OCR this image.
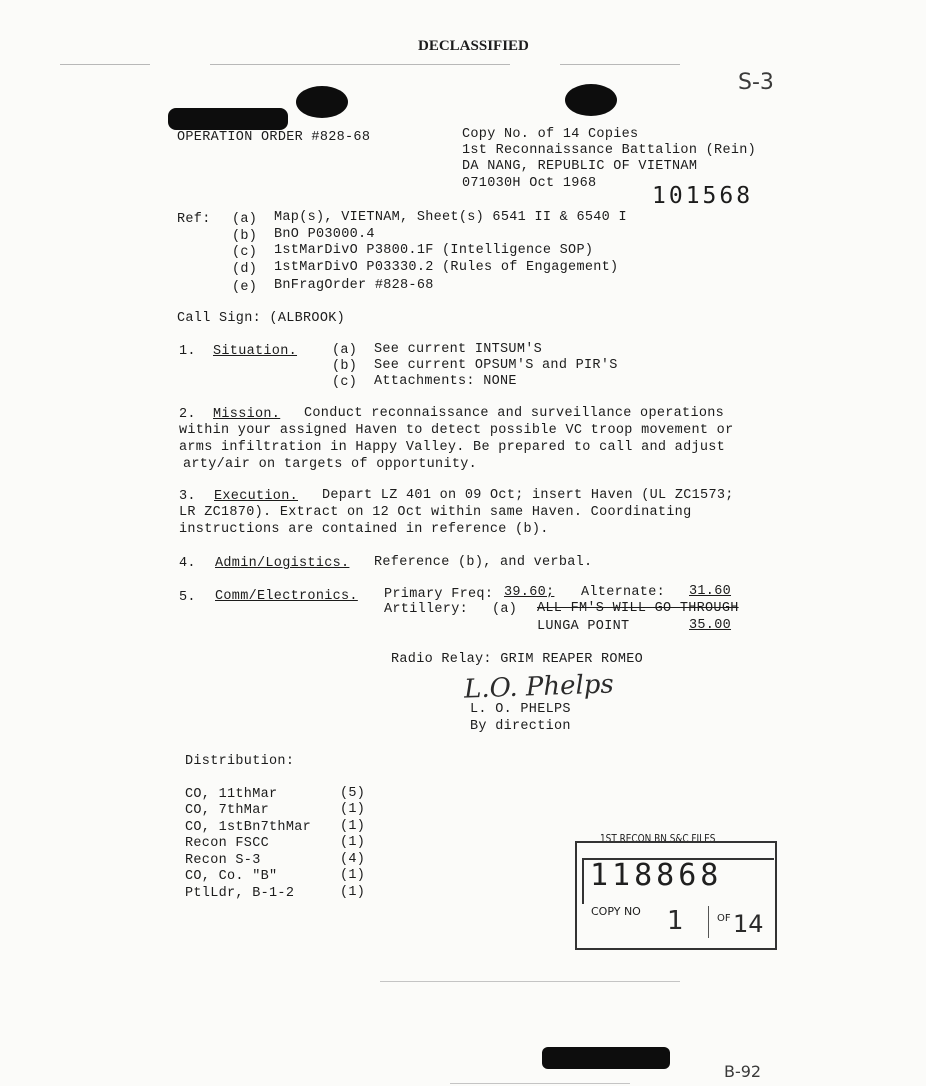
DECLASSIFIED
S-3
OPERATION ORDER #828-68	Copy No. of 14 Copies
1st Reconnaissance Battalion (Rein)
DA NANG, REPUBLIC OF VIETNAM
071030H Oct 1968 101568
Ref: (a) Map(s), VIETNAM, Sheet(s) 6541 II & 6540 I
(b) BnO P03000.4
(c) 1stMarDivO P3800.1F (Intelligence SOP)
(d) 1stMarDivO P03330.2 (Rules of Engagement)
(e) BnFragOrder #828-68
Call Sign: (ALBROOK)
1. Situation.	(a) See current INTSUM'S
(b) See current OPSUM'S and PIR'S
(c) Attachments: NONE
2. Mission. Conduct reconnaissance and surveillance operations
within your assigned Haven to detect possible VC troop movement or
arms infiltration in Happy Valley. Be prepared to call and adjust
arty/air on targets of opportunity.
3. Execution. Depart LZ 401 on 09 Oct; insert Haven (UL ZC1573;
LR ZC1870). Extract on 12 Oct within same Haven. Coordinating
instructions are contained in reference (b).
4. Admin/Logistics. Reference (b), and verbal.
5. Comm/Electronics. Primary Freq: 39.60; Alternate: 31.60
Artillery: (a) ALL FM'S WILL GO THROUGH
LUNGA POINT	35.00
Radio Relay: GRIM REAPER ROMEO
L.O. Phelps
L. O. PHELPS
By direction
Distribution:
CO, 11thMar	(5)
CO, 7thMar	(1)
CO, 1stBn7thMar (1)
Recon FSCC	(1)
Recon S-3	(4)
CO, Co. "B"	(1)
PtlLdr, B-1-2	(1)
1ST RECON BN S&C FILES
118868
COPY NO 1	OF 14
B-92
